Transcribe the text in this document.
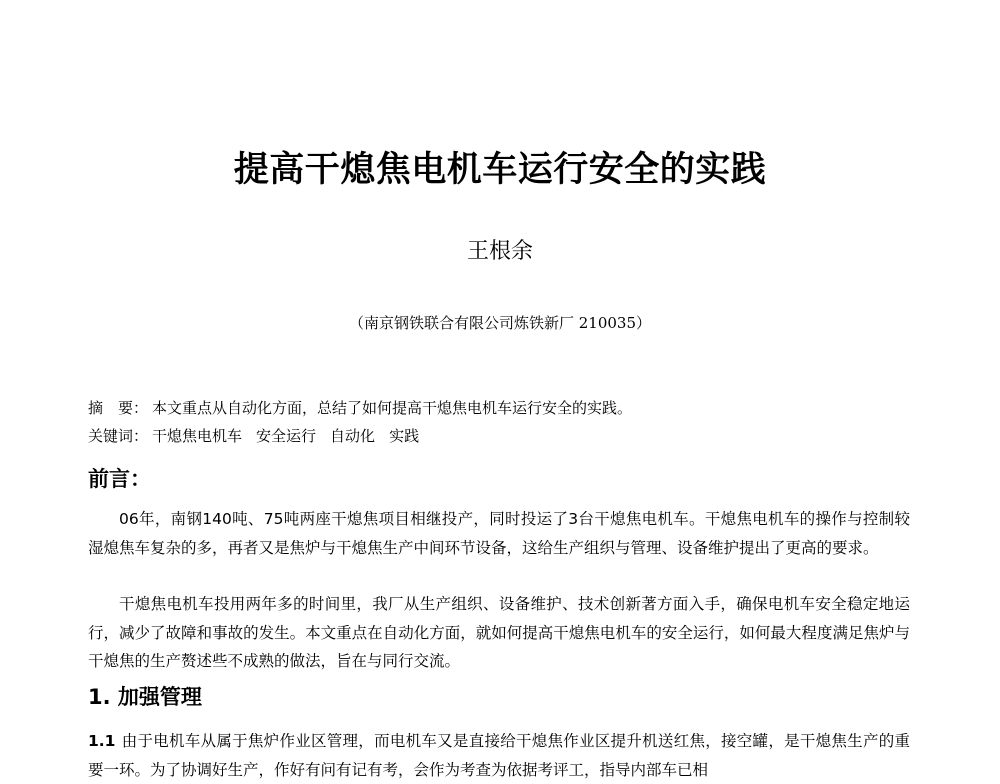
提高干熄焦电机车运行安全的实践
王根余
（南京钢铁联合有限公司炼铁新厂 210035）
摘　要： 本文重点从自动化方面，总结了如何提高干熄焦电机车运行安全的实践。
关键词： 干熄焦电机车 安全运行 自动化 实践
前言：

06年，南钢140吨、75吨两座干熄焦项目相继投产，同时投运了3台干熄焦电机车。干熄焦电机车的操作与控制较湿熄焦车复杂的多，再者又是焦炉与干熄焦生产中间环节设备，这给生产组织与管理、设备维护提出了更高的要求。

干熄焦电机车投用两年多的时间里，我厂从生产组织、设备维护、技术创新著方面入手，确保电机车安全稳定地运行，减少了故障和事故的发生。本文重点在自动化方面，就如何提高干熄焦电机车的安全运行，如何最大程度满足焦炉与干熄焦的生产赘述些不成熟的做法，旨在与同行交流。

1. 加强管理

1.1 由于电机车从属于焦炉作业区管理，而电机车又是直接给干熄焦作业区提升机送红焦，接空罐，是干熄焦生产的重要一环。为了协调好生产，作好有问有记有考，会作为考查为依据考评工，指导内部车已相
